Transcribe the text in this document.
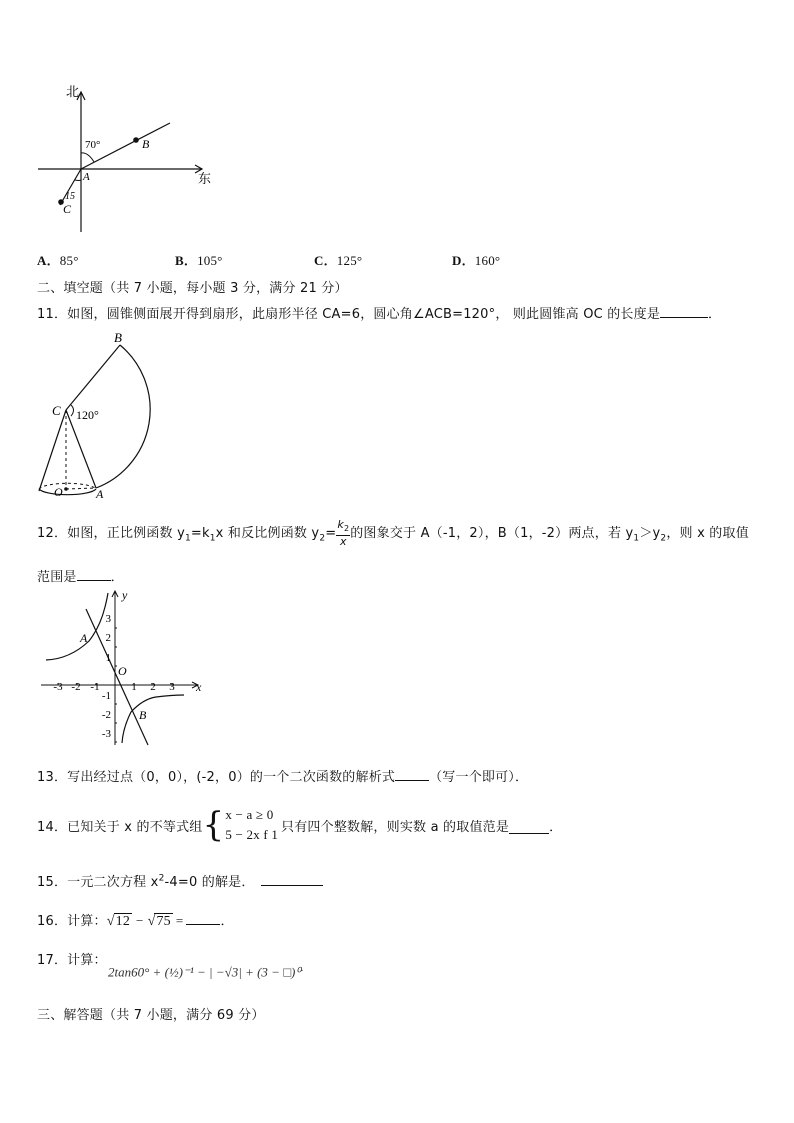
北
东
70°
15
A
B
C
A．85°	B．105°	C．125°	D．160°
二、填空题（共 7 小题，每小题 3 分，满分 21 分）
11．如图，圆锥侧面展开得到扇形，此扇形半径 CA=6，圆心角∠ACB=120°， 则此圆锥高 OC 的长度是	．
B
C 120°
O	A
12．如图，正比例函数 $y_1=k_1x$ 和反比例函数 $y_2= \frac{k_2}{x}$ 的图象交于 A（-1，2），B（1，-2）两点，若 $y_1>y_2$，则 x 的取值
范围是	．
y
x
O
A
B
-3 -2 -1	1 2 3
3
2
1
-1
-2
-3
13．写出经过点（0，0），(-2，0）的一个二次函数的解析式	（写一个即可）．
14．已知关于 x 的不等式组 { x − a ≥ 0
5 − 2x f 1 只有四个整数解，则实数 a 的取值范是	．
15．一元二次方程 $x^2-4=0$ 的解是．
16．计算：√12 − √75 =	．
17．计算：
2tan60° + (½)⁻¹ − | −√3| + (3 − □)⁰.
三、解答题（共 7 小题，满分 69 分）
